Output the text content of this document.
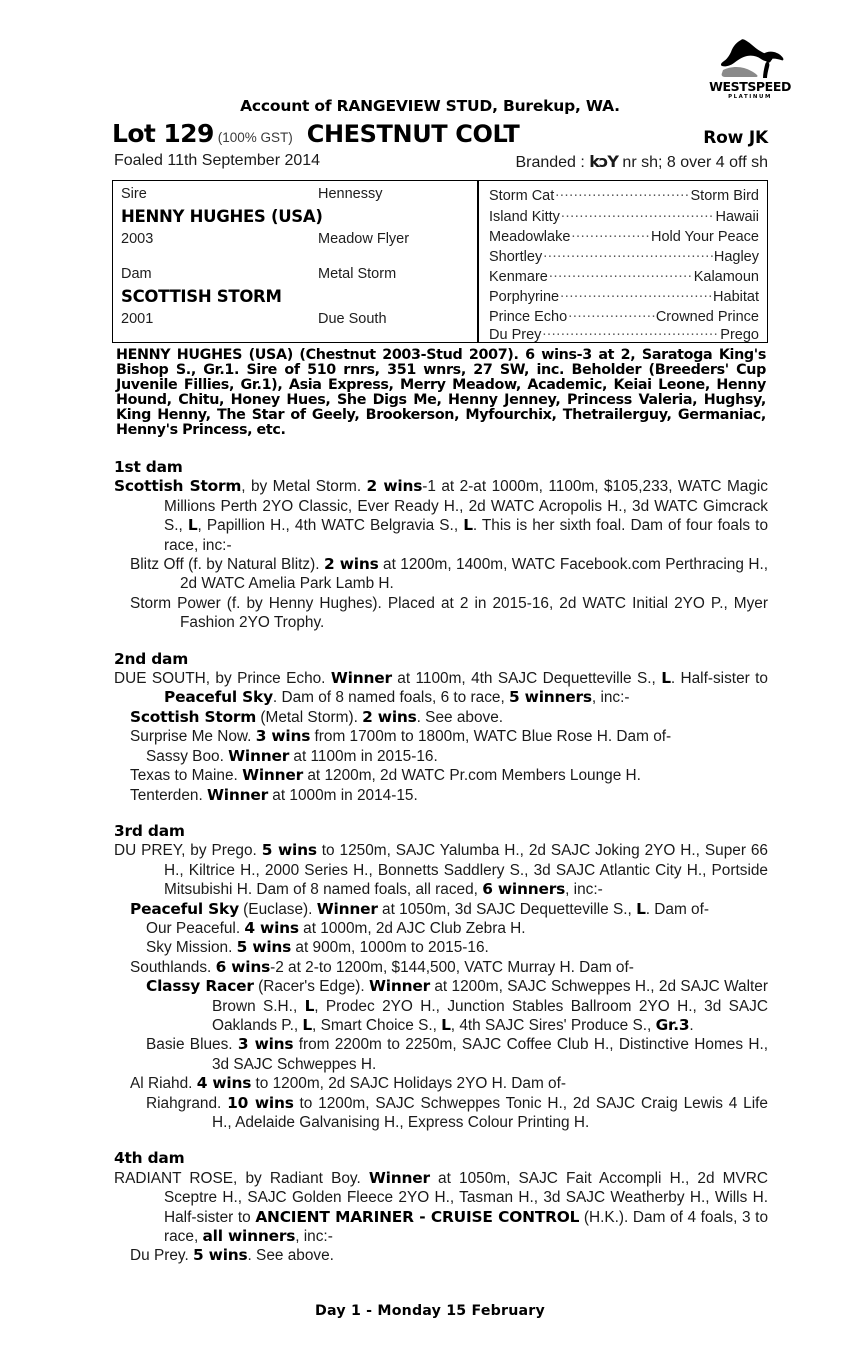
WESTSPEED
PLATINUM
Account of RANGEVIEW STUD, Burekup, WA.
Lot 129 (100% GST) CHESTNUT COLT	Row JK
Foaled 11th September 2014	Branded : kɔY nr sh; 8 over 4 off sh
Sire	Hennessy
HENNY HUGHES (USA)
2003	Meadow Flyer
Dam	Metal Storm
SCOTTISH STORM
2001	Due South
Storm Cat .....	Storm Bird
Island Kitty .....	Hawaii
Meadowlake .....	Hold Your Peace
Shortley .....	Hagley
Kenmare .....	Kalamoun
Porphyrine .....	Habitat
Prince Echo .....	Crowned Prince
Du Prey .....	Prego
HENNY HUGHES (USA) (Chestnut 2003-Stud 2007). 6 wins-3 at 2, Saratoga King's Bishop S., Gr.1. Sire of 510 rnrs, 351 wnrs, 27 SW, inc. Beholder (Breeders' Cup Juvenile Fillies, Gr.1), Asia Express, Merry Meadow, Academic, Keiai Leone, Henny Hound, Chitu, Honey Hues, She Digs Me, Henny Jenney, Princess Valeria, Hughsy, King Henny, The Star of Geely, Brookerson, Myfourchix, Thetrailerguy, Germaniac, Henny's Princess, etc.
1st dam

Scottish Storm, by Metal Storm. 2 wins-1 at 2-at 1000m, 1100m, $105,233, WATC Magic Millions Perth 2YO Classic, Ever Ready H., 2d WATC Acropolis H., 3d WATC Gimcrack S., L, Papillion H., 4th WATC Belgravia S., L. This is her sixth foal. Dam of four foals to race, inc:-

Blitz Off (f. by Natural Blitz). 2 wins at 1200m, 1400m, WATC Facebook.com Perthracing H., 2d WATC Amelia Park Lamb H.

Storm Power (f. by Henny Hughes). Placed at 2 in 2015-16, 2d WATC Initial 2YO P., Myer Fashion 2YO Trophy.

2nd dam

DUE SOUTH, by Prince Echo. Winner at 1100m, 4th SAJC Dequetteville S., L. Half-sister to Peaceful Sky. Dam of 8 named foals, 6 to race, 5 winners, inc:-

Scottish Storm (Metal Storm). 2 wins. See above.

Surprise Me Now. 3 wins from 1700m to 1800m, WATC Blue Rose H. Dam of-

Sassy Boo. Winner at 1100m in 2015-16.

Texas to Maine. Winner at 1200m, 2d WATC Pr.com Members Lounge H.

Tenterden. Winner at 1000m in 2014-15.

3rd dam

DU PREY, by Prego. 5 wins to 1250m, SAJC Yalumba H., 2d SAJC Joking 2YO H., Super 66 H., Kiltrice H., 2000 Series H., Bonnetts Saddlery S., 3d SAJC Atlantic City H., Portside Mitsubishi H. Dam of 8 named foals, all raced, 6 winners, inc:-

Peaceful Sky (Euclase). Winner at 1050m, 3d SAJC Dequetteville S., L. Dam of-

Our Peaceful. 4 wins at 1000m, 2d AJC Club Zebra H.

Sky Mission. 5 wins at 900m, 1000m to 2015-16.

Southlands. 6 wins-2 at 2-to 1200m, $144,500, VATC Murray H. Dam of-

Classy Racer (Racer's Edge). Winner at 1200m, SAJC Schweppes H., 2d SAJC Walter Brown S.H., L, Prodec 2YO H., Junction Stables Ballroom 2YO H., 3d SAJC Oaklands P., L, Smart Choice S., L, 4th SAJC Sires' Produce S., Gr.3.

Basie Blues. 3 wins from 2200m to 2250m, SAJC Coffee Club H., Distinctive Homes H., 3d SAJC Schweppes H.

Al Riahd. 4 wins to 1200m, 2d SAJC Holidays 2YO H. Dam of-

Riahgrand. 10 wins to 1200m, SAJC Schweppes Tonic H., 2d SAJC Craig Lewis 4 Life H., Adelaide Galvanising H., Express Colour Printing H.

4th dam

RADIANT ROSE, by Radiant Boy. Winner at 1050m, SAJC Fait Accompli H., 2d MVRC Sceptre H., SAJC Golden Fleece 2YO H., Tasman H., 3d SAJC Weatherby H., Wills H. Half-sister to ANCIENT MARINER - CRUISE CONTROL (H.K.). Dam of 4 foals, 3 to race, all winners, inc:-

Du Prey. 5 wins. See above.

Day 1 - Monday 15 February
